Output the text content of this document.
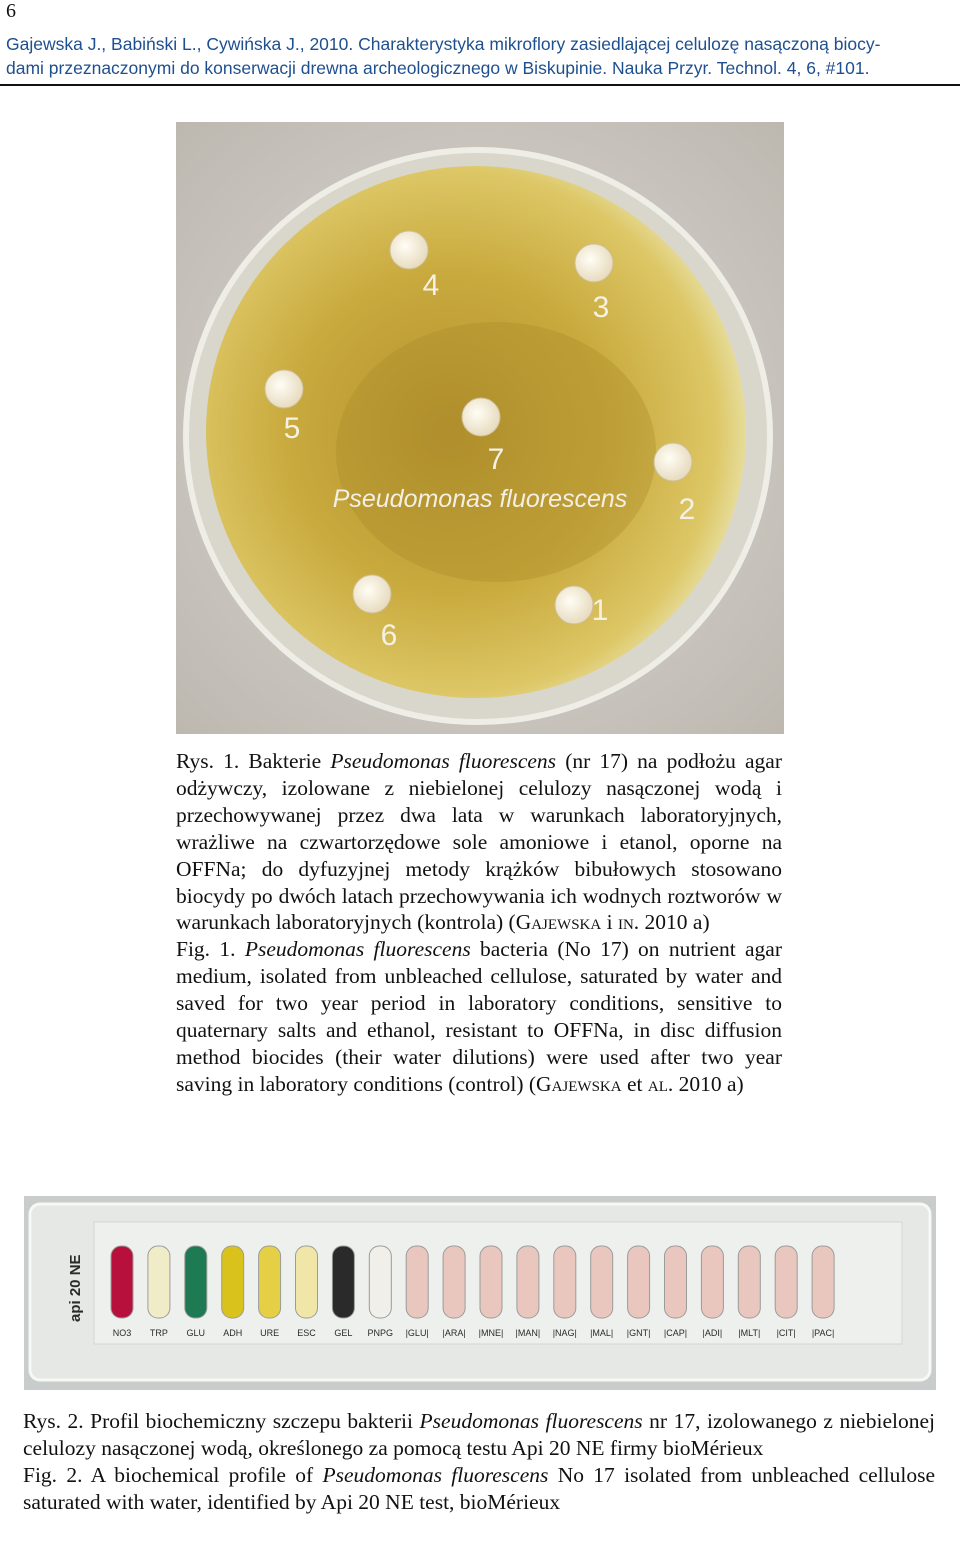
6
Gajewska J., Babiński L., Cywińska J., 2010. Charakterystyka mikroflory zasiedlającej celulozę nasączoną biocy-
dami przeznaczonymi do konserwacji drewna archeologicznego w Biskupinie. Nauka Przyr. Technol. 4, 6, #101.
1
2
3
4
5
6
7
Pseudomonas fluorescens

Rys. 1. Bakterie Pseudomonas fluorescens (nr 17) na podłożu agar odżywczy, izolowane z niebielonej celulozy nasączonej wodą i przechowywanej przez dwa lata w warunkach laboratoryjnych, wrażliwe na czwartorzędowe sole amoniowe i etanol, oporne na OFFNa; do dyfuzyjnej metody krążków bibułowych stosowano biocydy po dwóch latach przechowywania ich wodnych roztworów w warunkach laboratoryjnych (kontrola) (Gajewska i in. 2010 a)

Fig. 1. Pseudomonas fluorescens bacteria (No 17) on nutrient agar medium, isolated from unbleached cellulose, saturated by water and saved for two year period in laboratory conditions, sensitive to quaternary salts and ethanol, resistant to OFFNa, in disc diffusion method biocides (their water dilutions) were used after two year saving in laboratory conditions (control) (Gajewska et al. 2010 a)

api 20 NE
NO3 TRP GLU ADH URE ESC GEL PNPG |GLU| |ARA| |MNE| |MAN| |NAG| |MAL| |GNT| |CAP| |ADI| |MLT| |CIT| |PAC|

Rys. 2. Profil biochemiczny szczepu bakterii Pseudomonas fluorescens nr 17, izolowanego z niebielonej celulozy nasączonej wodą, określonego za pomocą testu Api 20 NE firmy bioMérieux

Fig. 2. A biochemical profile of Pseudomonas fluorescens No 17 isolated from unbleached cellulose saturated with water, identified by Api 20 NE test, bioMérieux
